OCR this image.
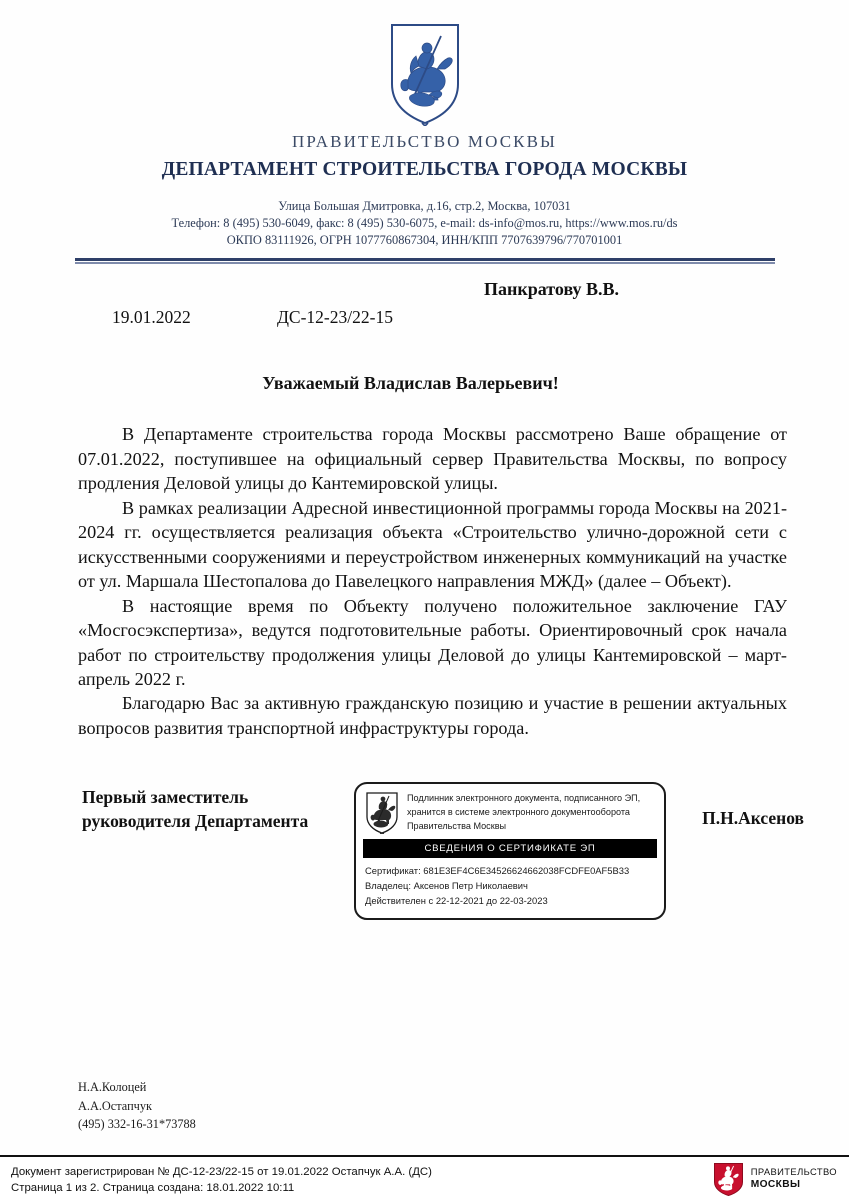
ПРАВИТЕЛЬСТВО МОСКВЫ
ДЕПАРТАМЕНТ СТРОИТЕЛЬСТВА ГОРОДА МОСКВЫ
Улица Большая Дмитровка, д.16, стр.2, Москва, 107031
Телефон: 8 (495) 530-6049, факс: 8 (495) 530-6075, e-mail: ds-info@mos.ru, https://www.mos.ru/ds
ОКПО 83111926, ОГРН 1077760867304, ИНН/КПП 7707639796/770701001
Панкратову В.В.
19.01.2022	ДС-12-23/22-15
Уважаемый Владислав Валерьевич!

В Департаменте строительства города Москвы рассмотрено Ваше обращение от 07.01.2022, поступившее на официальный сервер Правительства Москвы, по вопросу продления Деловой улицы до Кантемировской улицы.

В рамках реализации Адресной инвестиционной программы города Москвы на 2021-2024 гг. осуществляется реализация объекта «Строительство улично-дорожной сети с искусственными сооружениями и переустройством инженерных коммуникаций на участке от ул. Маршала Шестопалова до Павелецкого направления МЖД» (далее – Объект).

В настоящие время по Объекту получено положительное заключение ГАУ «Мосгосэкспертиза», ведутся подготовительные работы. Ориентировочный срок начала работ по строительству продолжения улицы Деловой до улицы Кантемировской – март-апрель 2022 г.

Благодарю Вас за активную гражданскую позицию и участие в решении актуальных вопросов развития транспортной инфраструктуры города.

Первый заместитель
руководителя Департамента	П.Н.Аксенов
Подлинник электронного документа, подписанного ЭП,
хранится в системе электронного документооборота
Правительства Москвы
СВЕДЕНИЯ О СЕРТИФИКАТЕ ЭП
Сертификат: 681E3EF4C6E34526624662038FCDFE0AF5B33
Владелец: Аксенов Петр Николаевич
Действителен с 22-12-2021 до 22-03-2023
Н.А.Колоцей
А.А.Остапчук
(495) 332-16-31*73788
Документ зарегистрирован № ДС-12-23/22-15 от 19.01.2022 Остапчук А.А. (ДС)
Страница 1 из 2. Страница создана: 18.01.2022 10:11
ПРАВИТЕЛЬСТВО
МОСКВЫ
